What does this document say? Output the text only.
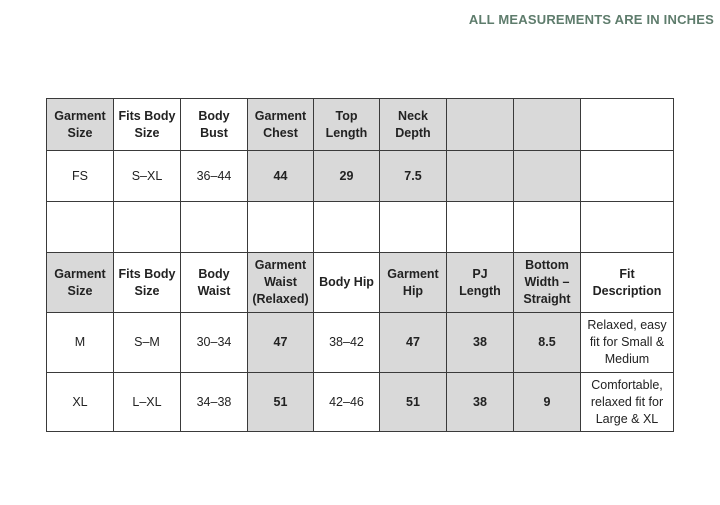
ALL MEASUREMENTS ARE IN INCHES
Garment Size	Fits Body Size	Body Bust	Garment Chest	Top Length	Neck Depth			
FS	S–XL	36–44	44	29	7.5			

Garment Size	Fits Body Size	Body Waist	Garment Waist (Relaxed)	Body Hip	Garment Hip	PJ Length	Bottom Width – Straight	Fit Description
M	S–M	30–34	47	38–42	47	38	8.5	Relaxed, easy fit for Small & Medium
XL	L–XL	34–38	51	42–46	51	38	9	Comfortable, relaxed fit for Large & XL
